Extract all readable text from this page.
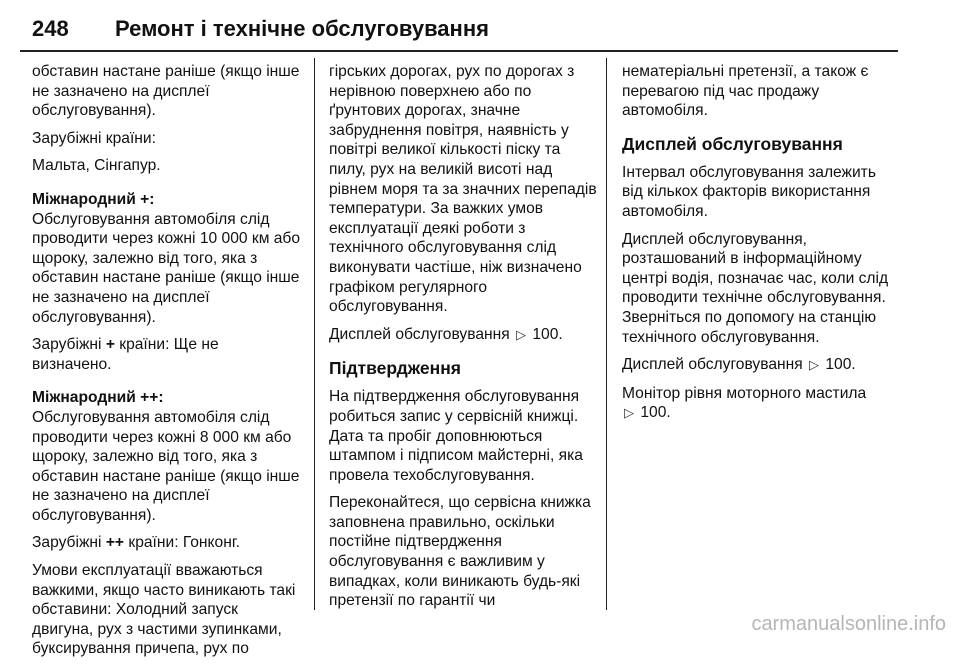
248 Ремонт і технічне обслуговування

обставин настане раніше (якщо інше не зазначено на дисплеї обслуговування).

Зарубіжні країни:

Мальта, Сінгапур.

Міжнародний +:

Обслуговування автомобіля слід проводити через кожні 10 000 км або щороку, залежно від того, яка з обставин настане раніше (якщо інше не зазначено на дисплеї обслуговування).

Зарубіжні + країни: Ще не визначено.

Міжнародний ++:

Обслуговування автомобіля слід проводити через кожні 8 000 км або щороку, залежно від того, яка з обставин настане раніше (якщо інше не зазначено на дисплеї обслуговування).

Зарубіжні ++ країни: Гонконг.

Умови експлуатації вважаються важкими, якщо часто виникають такі обставини: Холодний запуск двигуна, рух з частими зупинками, буксирування причепа, рух по

гірських дорогах, рух по дорогах з нерівною поверхнею або по ґрунтових дорогах, значне забруднення повітря, наявність у повітрі великої кількості піску та пилу, рух на великій висоті над рівнем моря та за значних перепадів температури. За важких умов експлуатації деякі роботи з технічного обслуговування слід виконувати частіше, ніж визначено графіком регулярного обслуговування.

Дисплей обслуговування ▷ 100.

Підтвердження

На підтвердження обслуговування робиться запис у сервісній книжці. Дата та пробіг доповнюються штампом і підписом майстерні, яка провела техобслуговування.

Переконайтеся, що сервісна книжка заповнена правильно, оскільки постійне підтвердження обслуговування є важливим у випадках, коли виникають будь-які претензії по гарантії чи

нематеріальні претензії, а також є перевагою під час продажу автомобіля.

Дисплей обслуговування

Інтервал обслуговування залежить від кількох факторів використання автомобіля.

Дисплей обслуговування, розташований в інформаційному центрі водія, позначає час, коли слід проводити технічне обслуговування. Зверніться по допомогу на станцію технічного обслуговування.

Дисплей обслуговування ▷ 100.

Монітор рівня моторного мастила
▷ 100.

carmanualsonline.info
